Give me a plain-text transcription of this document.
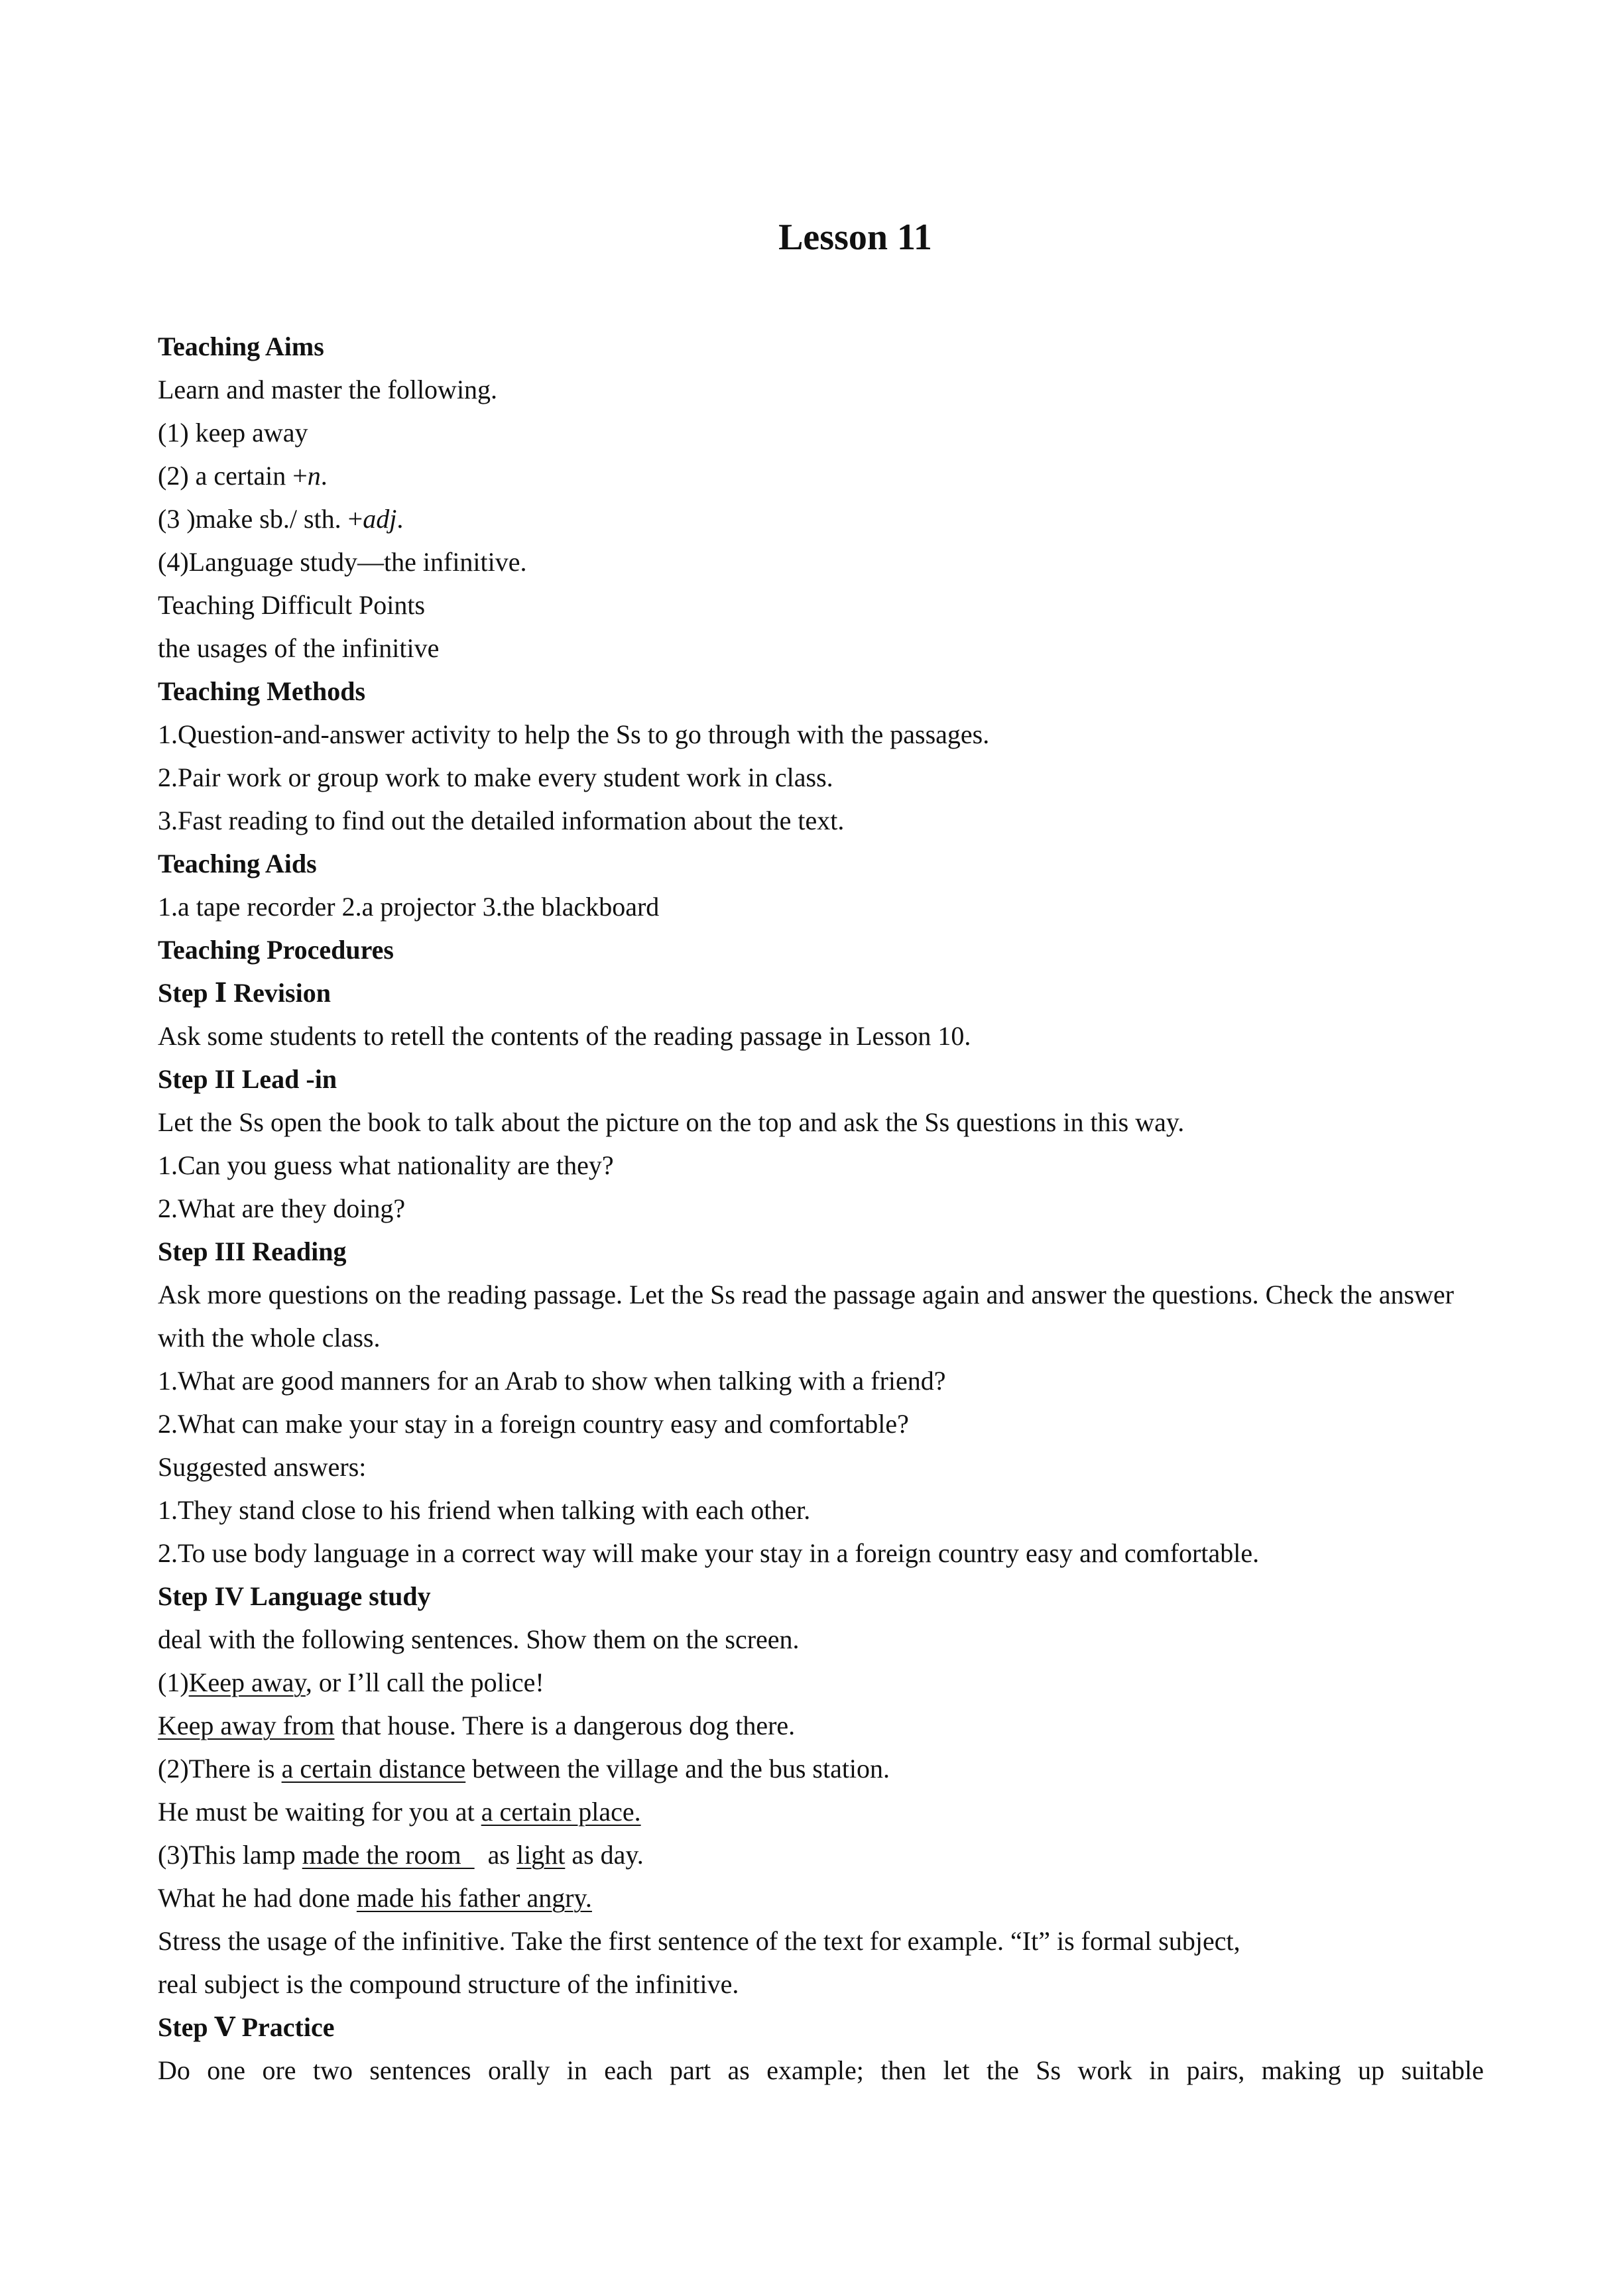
Lesson 11

Teaching Aims

Learn and master the following.

(1) keep away

(2) a certain +n.

(3 )make sb./ sth. +adj.

(4)Language study—the infinitive.

Teaching Difficult Points

the usages of the infinitive

Teaching Methods

1.Question-and-answer activity to help the Ss to go through with the passages.

2.Pair work or group work to make every student work in class.

3.Fast reading to find out the detailed information about the text.

Teaching Aids

1.a tape recorder 2.a projector 3.the blackboard

Teaching Procedures

Step Ⅰ Revision

Ask some students to retell the contents of the reading passage in Lesson 10.

Step II Lead -in

Let the Ss open the book to talk about the picture on the top and ask the Ss questions in this way.

1.Can you guess what nationality are they?

2.What are they doing?

Step III Reading

Ask more questions on the reading passage. Let the Ss read the passage again and answer the questions. Check the answer with the whole class.

1.What are good manners for an Arab to show when talking with a friend?

2.What can make your stay in a foreign country easy and comfortable?

Suggested answers:

1.They stand close to his friend when talking with each other.

2.To use body language in a correct way will make your stay in a foreign country easy and comfortable.

Step IV Language study

deal with the following sentences. Show them on the screen.

(1)Keep away, or I’ll call the police!

Keep away from that house. There is a dangerous dog there.

(2)There is a certain distance between the village and the bus station.

He must be waiting for you at a certain place.

(3)This lamp made the room    as light as day.

What he had done made his father angry.

Stress the usage of the infinitive. Take the first sentence of the text for example. “It” is formal subject,

real subject is the compound structure of the infinitive.

Step Ⅴ Practice

Do one ore two sentences orally in each part as example; then let the Ss work in pairs, making up suitable
